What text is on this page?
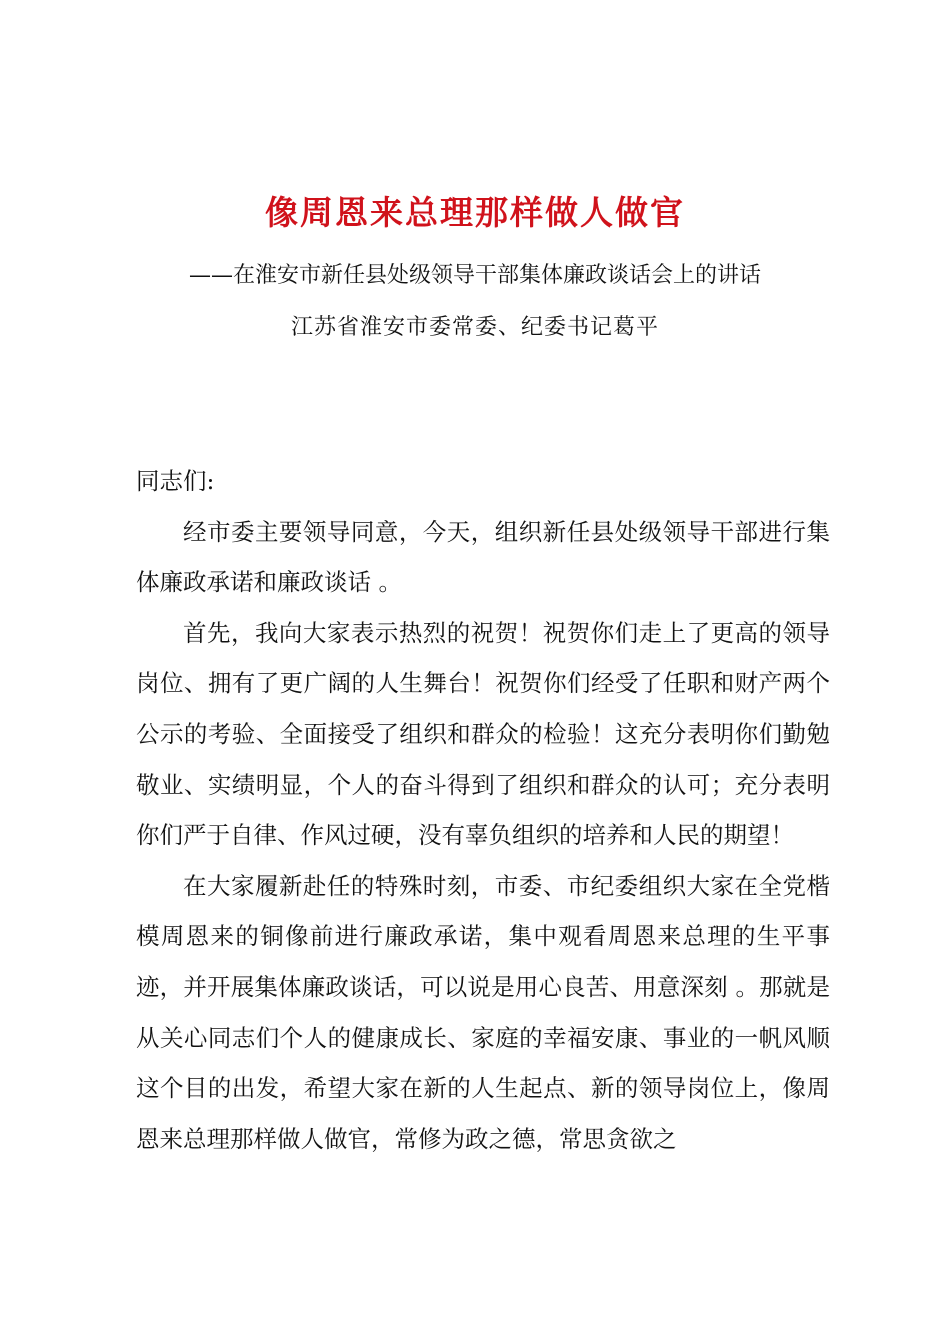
像周恩来总理那样做人做官

——在淮安市新任县处级领导干部集体廉政谈话会上的讲话

江苏省淮安市委常委、纪委书记葛平

同志们:

经市委主要领导同意，今天，组织新任县处级领导干部进行集体廉政承诺和廉政谈话 。

首先，我向大家表示热烈的祝贺！祝贺你们走上了更高的领导岗位、拥有了更广阔的人生舞台！祝贺你们经受了任职和财产两个公示的考验、全面接受了组织和群众的检验！这充分表明你们勤勉敬业、实绩明显，个人的奋斗得到了组织和群众的认可；充分表明你们严于自律、作风过硬，没有辜负组织的培养和人民的期望！

在大家履新赴任的特殊时刻，市委、市纪委组织大家在全党楷模周恩来的铜像前进行廉政承诺，集中观看周恩来总理的生平事迹，并开展集体廉政谈话，可以说是用心良苦、用意深刻 。那就是从关心同志们个人的健康成长、家庭的幸福安康、事业的一帆风顺这个目的出发，希望大家在新的人生起点、新的领导岗位上，像周恩来总理那样做人做官，常修为政之德，常思贪欲之
